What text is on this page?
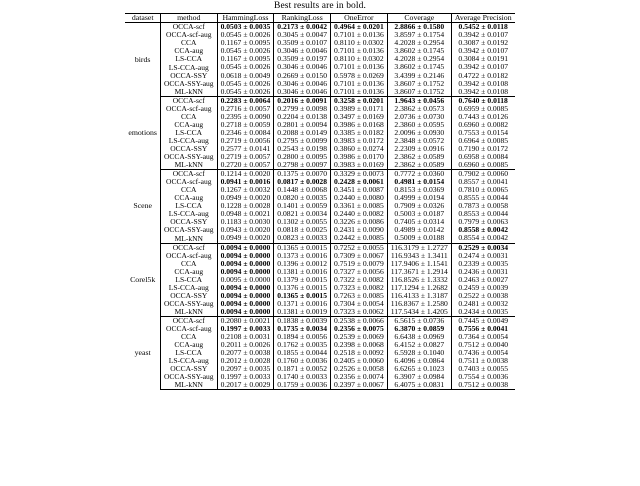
Best results are in bold.
dataset	method	HammingLoss	RankingLoss	OneError	Coverage	Average Precision
birds	OCCA-scf	0.0503 ± 0.0035	0.2173 ± 0.0042	0.4964 ± 0.0201	2.8866 ± 0.1580	0.5452 ± 0.0118
	OCCA-scf-aug	0.0545 ± 0.0026	0.3045 ± 0.0047	0.7101 ± 0.0136	3.8597 ± 0.1754	0.3942 ± 0.0107
	CCA	0.1167 ± 0.0095	0.3509 ± 0.0107	0.8110 ± 0.0302	4.2028 ± 0.2954	0.3087 ± 0.0192
	CCA-aug	0.0545 ± 0.0026	0.3046 ± 0.0046	0.7101 ± 0.0136	3.8602 ± 0.1745	0.3942 ± 0.0107
	LS-CCA	0.1167 ± 0.0095	0.3509 ± 0.0197	0.8110 ± 0.0302	4.2028 ± 0.2954	0.3084 ± 0.0191
	LS-CCA-aug	0.0545 ± 0.0026	0.3046 ± 0.0046	0.7101 ± 0.0136	3.8602 ± 0.1745	0.3942 ± 0.0107
	OCCA-SSY	0.0618 ± 0.0049	0.2669 ± 0.0150	0.5978 ± 0.0269	3.4399 ± 0.2146	0.4722 ± 0.0182
	OCCA-SSY-aug	0.0545 ± 0.0026	0.3046 ± 0.0046	0.7101 ± 0.0136	3.8607 ± 0.1752	0.3942 ± 0.0108
	ML-kNN	0.0545 ± 0.0026	0.3046 ± 0.0046	0.7101 ± 0.0136	3.8607 ± 0.1752	0.3942 ± 0.0108
emotions	OCCA-scf	0.2283 ± 0.0064	0.2016 ± 0.0091	0.3258 ± 0.0201	1.9643 ± 0.0456	0.7640 ± 0.0118
	OCCA-scf-aug	0.2716 ± 0.0057	0.2799 ± 0.0098	0.3989 ± 0.0171	2.3862 ± 0.0573	0.6959 ± 0.0085
	CCA	0.2395 ± 0.0090	0.2204 ± 0.0138	0.3497 ± 0.0169	2.0736 ± 0.0730	0.7443 ± 0.0126
	CCA-aug	0.2718 ± 0.0059	0.2801 ± 0.0094	0.3986 ± 0.0168	2.3860 ± 0.0595	0.6960 ± 0.0082
	LS-CCA	0.2346 ± 0.0084	0.2088 ± 0.0149	0.3385 ± 0.0182	2.0096 ± 0.0930	0.7553 ± 0.0154
	LS-CCA-aug	0.2719 ± 0.0056	0.2795 ± 0.0099	0.3983 ± 0.0172	2.3848 ± 0.0572	0.6964 ± 0.0085
	OCCA-SSY	0.2577 ± 0.0141	0.2543 ± 0.0198	0.3860 ± 0.0274	2.2309 ± 0.0916	0.7190 ± 0.0172
	OCCA-SSY-aug	0.2719 ± 0.0057	0.2800 ± 0.0095	0.3986 ± 0.0170	2.3862 ± 0.0589	0.6958 ± 0.0084
	ML-kNN	0.2720 ± 0.0057	0.2798 ± 0.0097	0.3983 ± 0.0169	2.3862 ± 0.0589	0.6960 ± 0.0085
Scene	OCCA-scf	0.1214 ± 0.0020	0.1375 ± 0.0070	0.3329 ± 0.0073	0.7772 ± 0.0360	0.7902 ± 0.0060
	OCCA-scf-aug	0.0941 ± 0.0016	0.0817 ± 0.0028	0.2428 ± 0.0061	0.4981 ± 0.0154	0.8557 ± 0.0041
	CCA	0.1267 ± 0.0032	0.1448 ± 0.0068	0.3451 ± 0.0087	0.8153 ± 0.0369	0.7810 ± 0.0065
	CCA-aug	0.0949 ± 0.0020	0.0820 ± 0.0035	0.2440 ± 0.0080	0.4999 ± 0.0194	0.8555 ± 0.0044
	LS-CCA	0.1228 ± 0.0028	0.1401 ± 0.0059	0.3361 ± 0.0085	0.7909 ± 0.0326	0.7873 ± 0.0058
	LS-CCA-aug	0.0948 ± 0.0021	0.0821 ± 0.0034	0.2440 ± 0.0082	0.5003 ± 0.0187	0.8553 ± 0.0044
	OCCA-SSY	0.1183 ± 0.0030	0.1302 ± 0.0055	0.3226 ± 0.0086	0.7405 ± 0.0314	0.7979 ± 0.0063
	OCCA-SSY-aug	0.0943 ± 0.0020	0.0818 ± 0.0025	0.2431 ± 0.0090	0.4989 ± 0.0142	0.8558 ± 0.0042
	ML-kNN	0.0949 ± 0.0020	0.0823 ± 0.0033	0.2442 ± 0.0085	0.5009 ± 0.0188	0.8554 ± 0.0042
Corel5k	OCCA-scf	0.0094 ± 0.0000	0.1365 ± 0.0015	0.7252 ± 0.0055	116.3179 ± 1.2727	0.2529 ± 0.0034
	OCCA-scf-aug	0.0094 ± 0.0000	0.1373 ± 0.0016	0.7309 ± 0.0067	116.9343 ± 1.3411	0.2474 ± 0.0031
	CCA	0.0094 ± 0.0000	0.1396 ± 0.0012	0.7519 ± 0.0079	117.9406 ± 1.1541	0.2339 ± 0.0035
	CCA-aug	0.0094 ± 0.0000	0.1381 ± 0.0016	0.7327 ± 0.0056	117.3671 ± 1.2914	0.2436 ± 0.0031
	LS-CCA	0.0095 ± 0.0000	0.1379 ± 0.0015	0.7322 ± 0.0082	116.8526 ± 1.3332	0.2463 ± 0.0027
	LS-CCA-aug	0.0094 ± 0.0000	0.1376 ± 0.0015	0.7323 ± 0.0082	117.1294 ± 1.2682	0.2459 ± 0.0039
	OCCA-SSY	0.0094 ± 0.0000	0.1365 ± 0.0015	0.7263 ± 0.0085	116.4133 ± 1.3187	0.2522 ± 0.0038
	OCCA-SSY-aug	0.0094 ± 0.0000	0.1371 ± 0.0016	0.7304 ± 0.0054	116.8367 ± 1.2580	0.2481 ± 0.0032
	ML-kNN	0.0094 ± 0.0000	0.1381 ± 0.0019	0.7323 ± 0.0062	117.5434 ± 1.4205	0.2434 ± 0.0035
yeast	OCCA-scf	0.2080 ± 0.0021	0.1838 ± 0.0039	0.2538 ± 0.0066	6.5615 ± 0.0736	0.7445 ± 0.0049
	OCCA-scf-aug	0.1997 ± 0.0033	0.1735 ± 0.0034	0.2356 ± 0.0075	6.3870 ± 0.0859	0.7556 ± 0.0041
	CCA	0.2108 ± 0.0031	0.1894 ± 0.0056	0.2539 ± 0.0069	6.6438 ± 0.0969	0.7364 ± 0.0054
	CCA-aug	0.2011 ± 0.0026	0.1762 ± 0.0035	0.2398 ± 0.0068	6.4152 ± 0.0827	0.7512 ± 0.0040
	LS-CCA	0.2077 ± 0.0038	0.1855 ± 0.0044	0.2518 ± 0.0092	6.5928 ± 0.1040	0.7436 ± 0.0054
	LS-CCA-aug	0.2012 ± 0.0028	0.1760 ± 0.0036	0.2405 ± 0.0060	6.4096 ± 0.0864	0.7511 ± 0.0038
	OCCA-SSY	0.2097 ± 0.0035	0.1871 ± 0.0052	0.2526 ± 0.0058	6.6265 ± 0.1023	0.7403 ± 0.0055
	OCCA-SSY-aug	0.1997 ± 0.0033	0.1740 ± 0.0033	0.2356 ± 0.0074	6.3907 ± 0.0984	0.7554 ± 0.0036
	ML-kNN	0.2017 ± 0.0029	0.1759 ± 0.0036	0.2397 ± 0.0067	6.4075 ± 0.0831	0.7512 ± 0.0038
